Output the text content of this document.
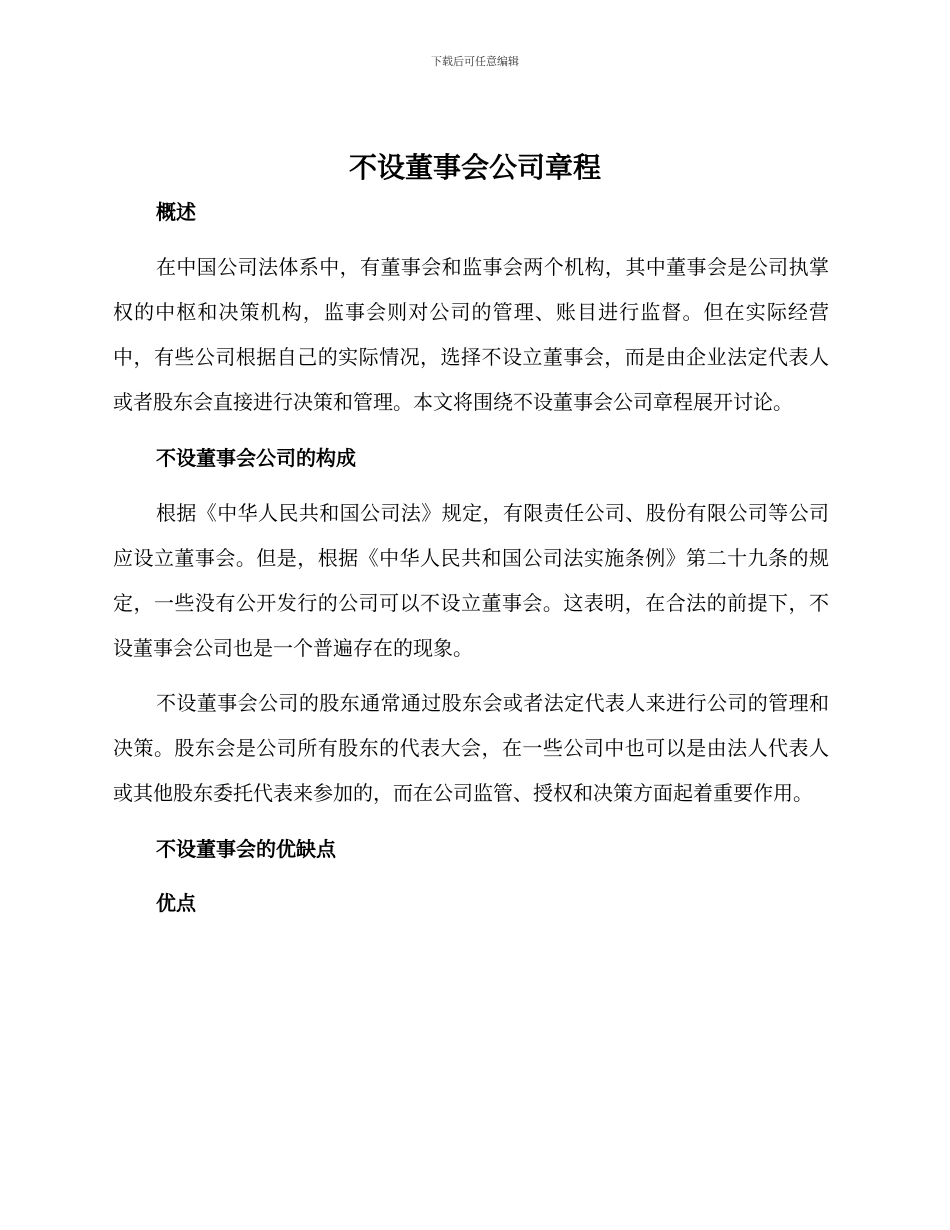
下载后可任意编辑
不设董事会公司章程

概述

在中国公司法体系中，有董事会和监事会两个机构，其中董事会是公司执掌权的中枢和决策机构，监事会则对公司的管理、账目进行监督。但在实际经营中，有些公司根据自己的实际情况，选择不设立董事会，而是由企业法定代表人或者股东会直接进行决策和管理。本文将围绕不设董事会公司章程展开讨论。

不设董事会公司的构成

根据《中华人民共和国公司法》规定，有限责任公司、股份有限公司等公司应设立董事会。但是，根据《中华人民共和国公司法实施条例》第二十九条的规定，一些没有公开发行的公司可以不设立董事会。这表明，在合法的前提下，不设董事会公司也是一个普遍存在的现象。

不设董事会公司的股东通常通过股东会或者法定代表人来进行公司的管理和决策。股东会是公司所有股东的代表大会，在一些公司中也可以是由法人代表人或其他股东委托代表来参加的，而在公司监管、授权和决策方面起着重要作用。

不设董事会的优缺点

优点
